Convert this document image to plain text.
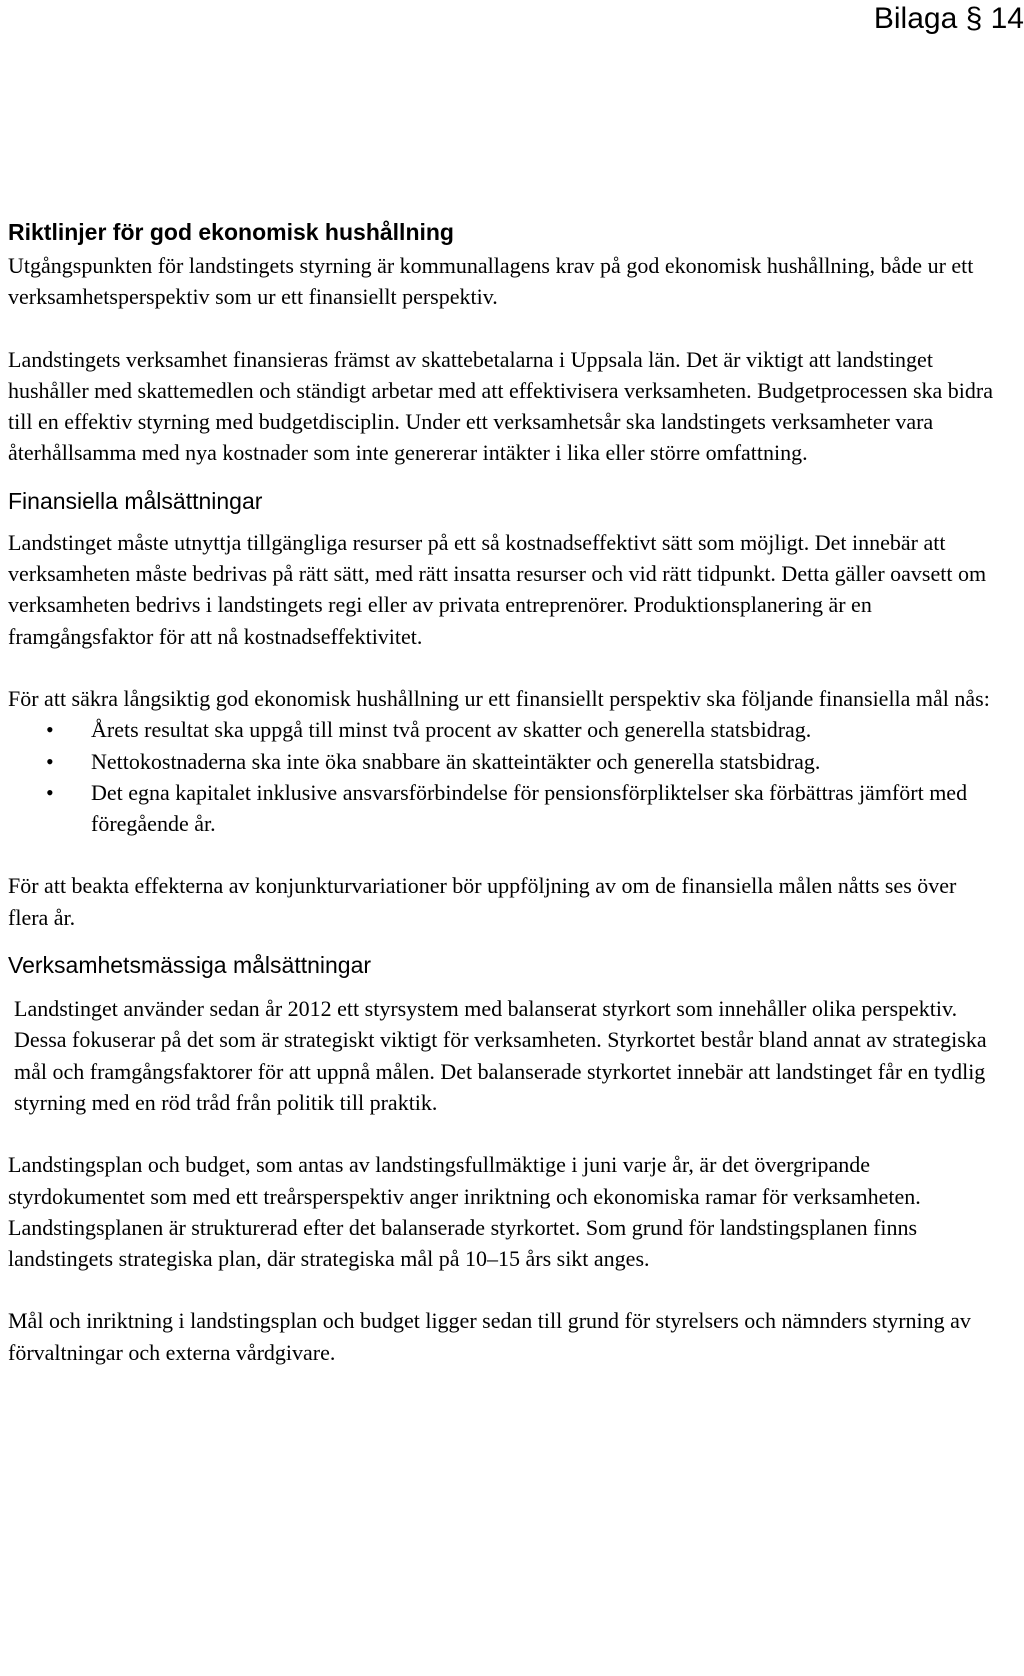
Bilaga § 14
Riktlinjer för god ekonomisk hushållning

Utgångspunkten för landstingets styrning är kommunallagens krav på god ekonomisk hushållning, både ur ett verksamhetsperspektiv som ur ett finansiellt perspektiv.

Landstingets verksamhet finansieras främst av skattebetalarna i Uppsala län. Det är viktigt att landstinget hushåller med skattemedlen och ständigt arbetar med att effektivisera verksamheten. Budgetprocessen ska bidra till en effektiv styrning med budgetdisciplin. Under ett verksamhetsår ska landstingets verksamheter vara återhållsamma med nya kostnader som inte genererar intäkter i lika eller större omfattning.

Finansiella målsättningar

Landstinget måste utnyttja tillgängliga resurser på ett så kostnadseffektivt sätt som möjligt. Det innebär att verksamheten måste bedrivas på rätt sätt, med rätt insatta resurser och vid rätt tidpunkt. Detta gäller oavsett om verksamheten bedrivs i landstingets regi eller av privata entreprenörer. Produktionsplanering är en framgångsfaktor för att nå kostnadseffektivitet.

För att säkra långsiktig god ekonomisk hushållning ur ett finansiellt perspektiv ska följande finansiella mål nås:

•	Årets resultat ska uppgå till minst två procent av skatter och generella statsbidrag.
•	Nettokostnaderna ska inte öka snabbare än skatteintäkter och generella statsbidrag.
•	Det egna kapitalet inklusive ansvarsförbindelse för pensionsförpliktelser ska förbättras jämfört med föregående år.

För att beakta effekterna av konjunkturvariationer bör uppföljning av om de finansiella målen nåtts ses över flera år.

Verksamhetsmässiga målsättningar

Landstinget använder sedan år 2012 ett styrsystem med balanserat styrkort som innehåller olika perspektiv. Dessa fokuserar på det som är strategiskt viktigt för verksamheten. Styrkortet består bland annat av strategiska mål och framgångsfaktorer för att uppnå målen. Det balanserade styrkortet innebär att landstinget får en tydlig styrning med en röd tråd från politik till praktik.

Landstingsplan och budget, som antas av landstingsfullmäktige i juni varje år, är det övergripande styrdokumentet som med ett treårsperspektiv anger inriktning och ekonomiska ramar för verksamheten. Landstingsplanen är strukturerad efter det balanserade styrkortet. Som grund för landstingsplanen finns landstingets strategiska plan, där strategiska mål på 10–15 års sikt anges.

Mål och inriktning i landstingsplan och budget ligger sedan till grund för styrelsers och nämnders styrning av förvaltningar och externa vårdgivare.
